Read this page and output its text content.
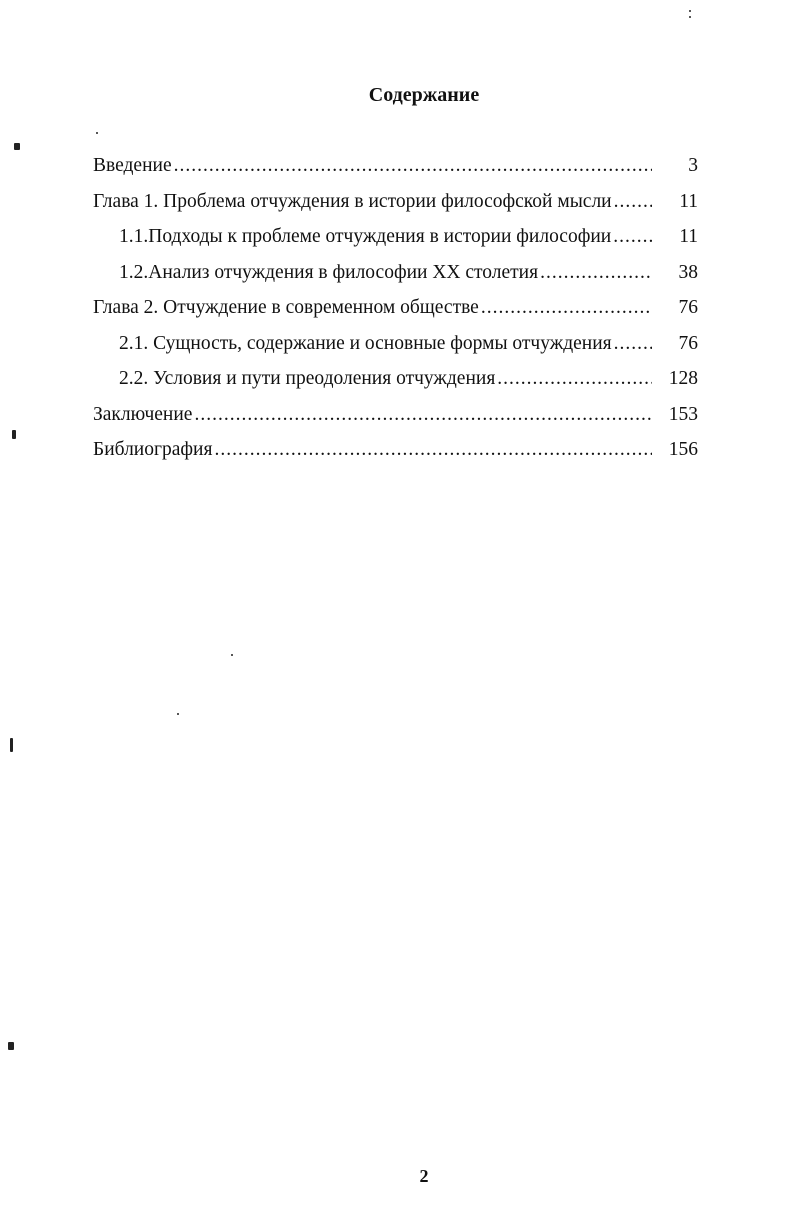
Содержание
Введение .....	3
Глава 1. Проблема отчуждения в истории философской мысли .....	11
1.1.Подходы к проблеме отчуждения в истории философии .....	11
1.2.Анализ отчуждения в философии XX столетия .....	38
Глава 2. Отчуждение в современном обществе .....	76
2.1. Сущность, содержание и основные формы отчуждения .....	76
2.2. Условия и пути преодоления отчуждения .....	128
Заключение .....	153
Библиография .....	156
2
